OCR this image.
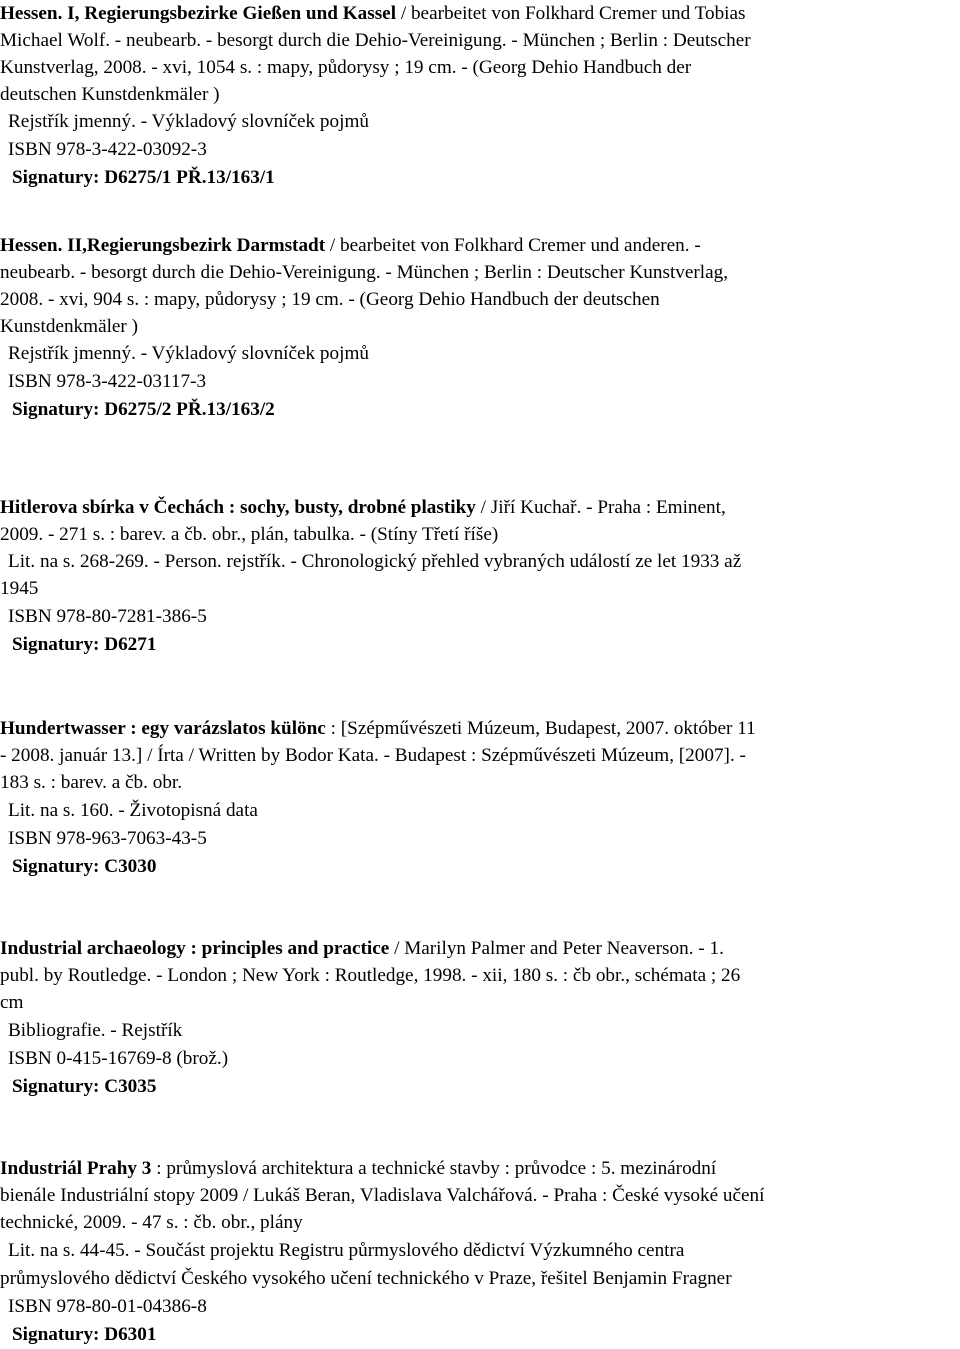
Hessen. I, Regierungsbezirke Gießen und Kassel / bearbeitet von Folkhard Cremer und Tobias
Michael Wolf. - neubearb. - besorgt durch die Dehio-Vereinigung. - München ; Berlin : Deutscher
Kunstverlag, 2008. - xvi, 1054 s. : mapy, půdorysy ; 19 cm. - (Georg Dehio Handbuch der
deutschen Kunstdenkmäler )
Rejstřík jmenný. - Výkladový slovníček pojmů
ISBN 978-3-422-03092-3
Signatury: D6275/1 PŘ.13/163/1
Hessen. II,Regierungsbezirk Darmstadt / bearbeitet von Folkhard Cremer und anderen. -
neubearb. - besorgt durch die Dehio-Vereinigung. - München ; Berlin : Deutscher Kunstverlag,
2008. - xvi, 904 s. : mapy, půdorysy ; 19 cm. - (Georg Dehio Handbuch der deutschen
Kunstdenkmäler )
Rejstřík jmenný. - Výkladový slovníček pojmů
ISBN 978-3-422-03117-3
Signatury: D6275/2 PŘ.13/163/2
Hitlerova sbírka v Čechách : sochy, busty, drobné plastiky / Jiří Kuchař. - Praha : Eminent,
2009. - 271 s. : barev. a čb. obr., plán, tabulka. - (Stíny Třetí říše)
Lit. na s. 268-269. - Person. rejstřík. - Chronologický přehled vybraných událostí ze let 1933 až
1945
ISBN 978-80-7281-386-5
Signatury: D6271
Hundertwasser : egy varázslatos különc : [Szépművészeti Múzeum, Budapest, 2007. október 11
- 2008. január 13.] / Írta / Written by Bodor Kata. - Budapest : Szépművészeti Múzeum, [2007]. -
183 s. : barev. a čb. obr.
Lit. na s. 160. - Životopisná data
ISBN 978-963-7063-43-5
Signatury: C3030
Industrial archaeology : principles and practice / Marilyn Palmer and Peter Neaverson. - 1.
publ. by Routledge. - London ; New York : Routledge, 1998. - xii, 180 s. : čb obr., schémata ; 26
cm
Bibliografie. - Rejstřík
ISBN 0-415-16769-8 (brož.)
Signatury: C3035
Industriál Prahy 3 : průmyslová architektura a technické stavby : průvodce : 5. mezinárodní
bienále Industriální stopy 2009 / Lukáš Beran, Vladislava Valchářová. - Praha : České vysoké učení
technické, 2009. - 47 s. : čb. obr., plány
Lit. na s. 44-45. - Součást projektu Registru půrmyslového dědictví Výzkumného centra
průmyslového dědictví Českého vysokého učení technického v Praze, řešitel Benjamin Fragner
ISBN 978-80-01-04386-8
Signatury: D6301
